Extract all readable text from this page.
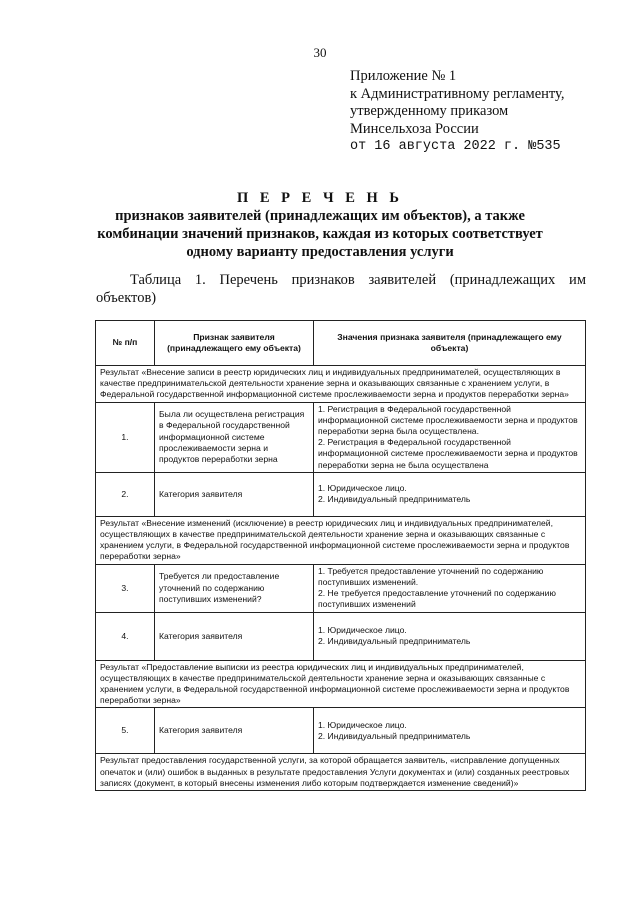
30
Приложение № 1
к Административному регламенту,
утвержденному приказом
Минсельхоза России
от 16 августа 2022 г. №535
П Е Р Е Ч Е Н Ь
признаков заявителей (принадлежащих им объектов), а также комбинации значений признаков, каждая из которых соответствует одному варианту предоставления услуги
Таблица 1. Перечень признаков заявителей (принадлежащих им объектов)
№ п/п	Признак заявителя (принадлежащего ему объекта)	Значения признака заявителя (принадлежащего ему объекта)
Результат «Внесение записи в реестр юридических лиц и индивидуальных предпринимателей, осуществляющих в качестве предпринимательской деятельности хранение зерна и оказывающих связанные с хранением услуги, в Федеральной государственной информационной системе прослеживаемости зерна и продуктов переработки зерна»		
1.	Была ли осуществлена регистрация в Федеральной государственной информационной системе прослеживаемости зерна и продуктов переработки зерна	1. Регистрация в Федеральной государственной информационной системе прослеживаемости зерна и продуктов переработки зерна была осуществлена.
2. Регистрация в Федеральной государственной информационной системе прослеживаемости зерна и продуктов переработки зерна не была осуществлена

2.	Категория заявителя	1. Юридическое лицо.
2. Индивидуальный предприниматель

Результат «Внесение изменений (исключение) в реестр юридических лиц и индивидуальных предпринимателей, осуществляющих в качестве предпринимательской деятельности хранение зерна и оказывающих связанные с хранением услуги, в Федеральной государственной информационной системе прослеживаемости зерна и продуктов переработки зерна»		
3.	Требуется ли предоставление уточнений по содержанию поступивших изменений?	1. Требуется предоставление уточнений по содержанию поступивших изменений.
2. Не требуется предоставление уточнений по содержанию поступивших изменений

4.	Категория заявителя	1. Юридическое лицо.
2. Индивидуальный предприниматель

Результат «Предоставление выписки из реестра юридических лиц и индивидуальных предпринимателей, осуществляющих в качестве предпринимательской деятельности хранение зерна и оказывающих связанные с хранением услуги, в Федеральной государственной информационной системе прослеживаемости зерна и продуктов переработки зерна»		
5.	Категория заявителя	1. Юридическое лицо.
2. Индивидуальный предприниматель

Результат предоставления государственной услуги, за которой обращается заявитель, «исправление допущенных опечаток и (или) ошибок в выданных в результате предоставления Услуги документах и (или) созданных реестровых записях (документ, в который внесены изменения либо которым подтверждается изменение сведений)»		
